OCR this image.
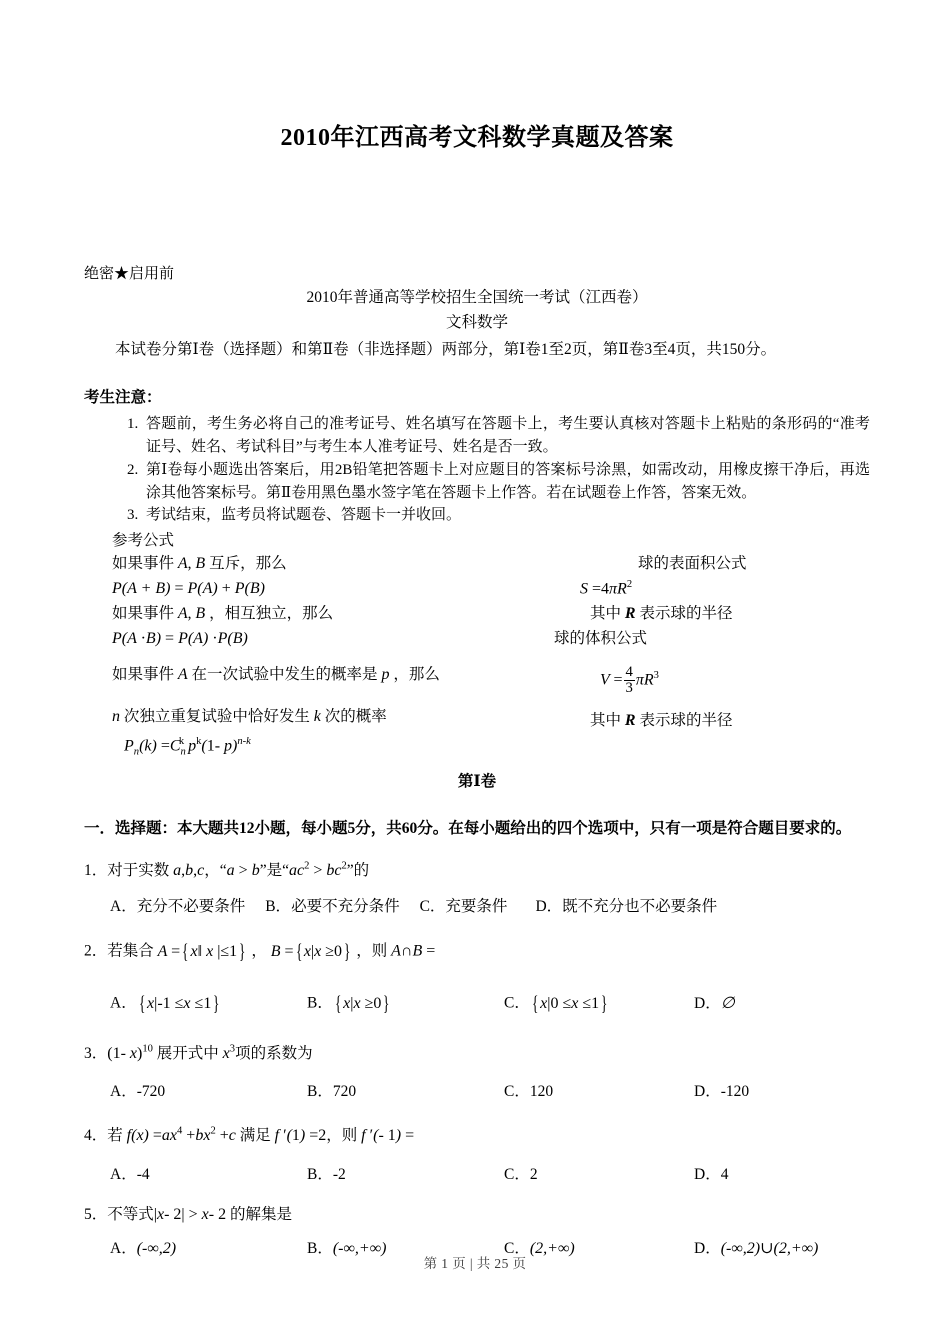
2010年江西高考文科数学真题及答案
绝密★启用前
2010年普通高等学校招生全国统一考试（江西卷）
文科数学
本试卷分第Ⅰ卷（选择题）和第Ⅱ卷（非选择题）两部分，第Ⅰ卷1至2页，第Ⅱ卷3至4页，共150分。
考生注意：
1. 答题前，考生务必将自己的准考证号、姓名填写在答题卡上，考生要认真核对答题卡上粘贴的条形码的“准考证号、姓名、考试科目”与考生本人准考证号、姓名是否一致。
2. 第Ⅰ卷每小题选出答案后，用2B铅笔把答题卡上对应题目的答案标号涂黑，如需改动，用橡皮擦干净后，再选涂其他答案标号。第Ⅱ卷用黑色墨水签字笔在答题卡上作答。若在试题卷上作答，答案无效。
3. 考试结束，监考员将试题卷、答题卡一并收回。
参考公式
如果事件 A, B 互斥，那么	球的表面积公式
P(A + B) = P(A) + P(B)	$S =4\pi R^2$
如果事件 A, B ，相互独立，那么	其中 R 表示球的半径
P(A ·B) = P(A) ·P(B)	球的体积公式
如果事件 A 在一次试验中发生的概率是 p ，那么	$V = \frac{4}{3} \pi R^3$
n 次独立重复试验中恰好发生 k 次的概率	其中 R 表示球的半径
$P_n(k) =C_n^k$ $p^k(1-$ p)$^{n-k}$
第Ⅰ卷
一．选择题：本大题共12小题，每小题5分，共60分。在每小题给出的四个选项中，只有一项是符合题目要求的。
1．对于实数 a,b,c，“a > b”是“$ac^2 > bc^2$”的
A．充分不必要条件 B．必要不充分条件 C．充要条件 D．既不充分也不必要条件
2．若集合 A ={ x‖ x |≤1} ， B ={ x|x ≥0} ，则 A∩B =
A．{ x|-1 ≤x ≤1}	B．{ x|x ≥0}	C．{ x|0 ≤x ≤1}	D．∅
3．(1- x)$^{10}$ 展开式中 $x^3$项的系数为
A．-720	B．720	C．120	D．-120
4．若 $f(x) =ax^4 +bx^2 +c$ 满足 f ′(1) =2，则 f ′(- 1) =
A．-4	B．-2	C．2	D．4
5．不等式|x- 2| > x- 2 的解集是
A．(-∞,2)	B．(-∞,+∞)	C．(2,+∞)	D．(-∞,2)∪(2,+∞)
第 1 页 | 共 25 页
